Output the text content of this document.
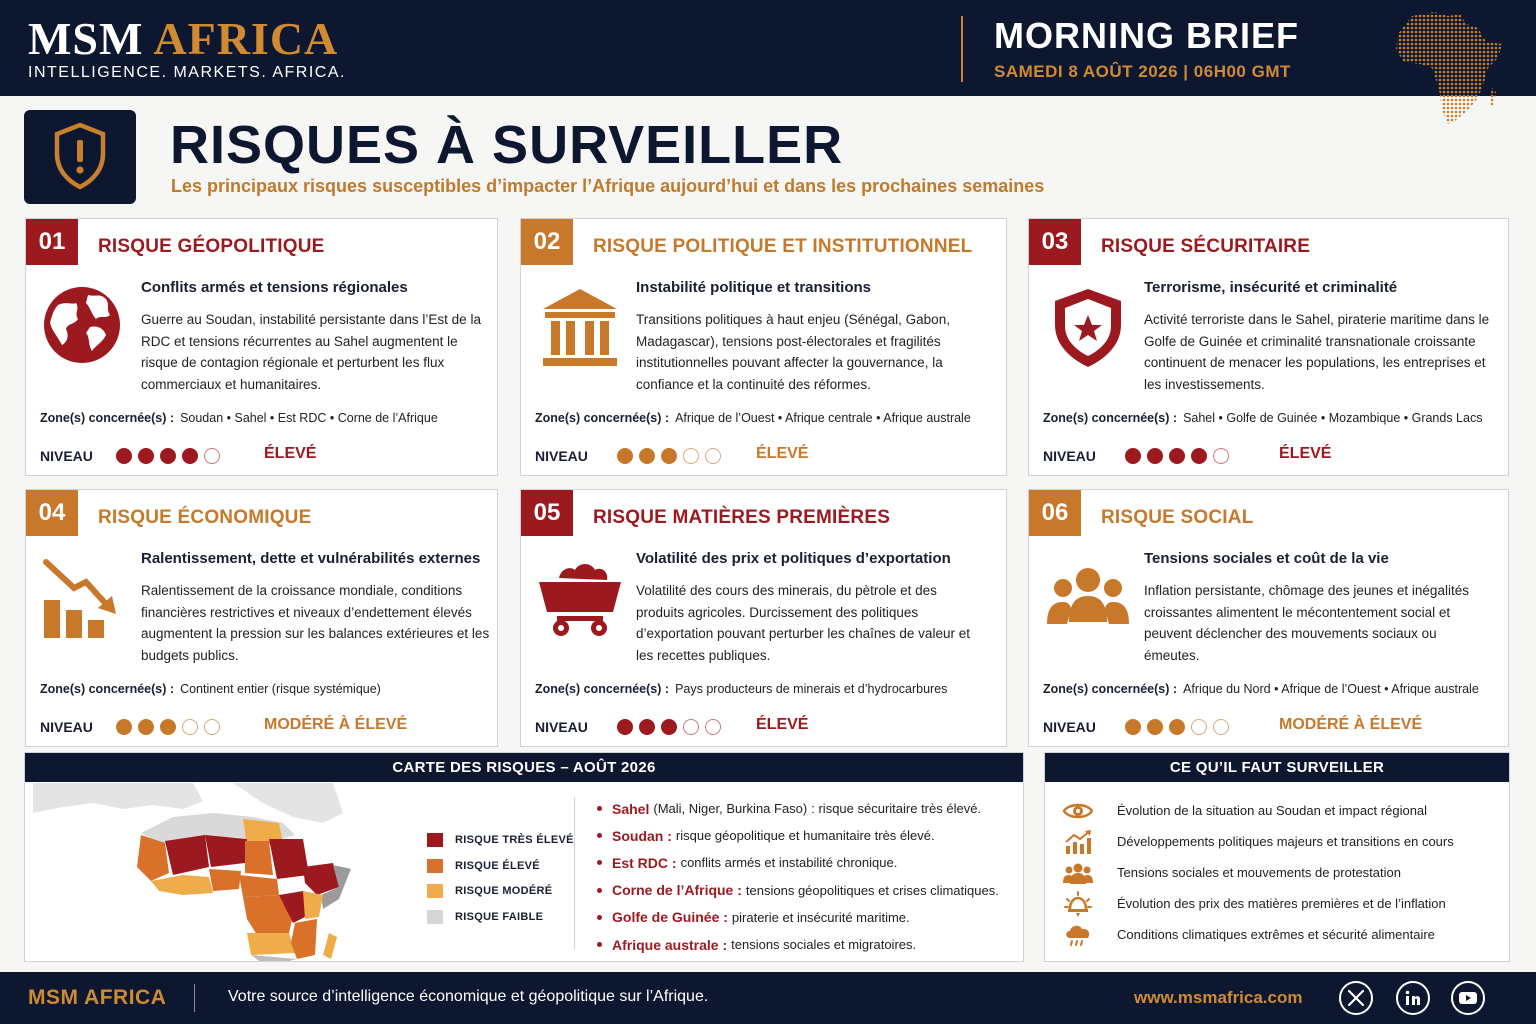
MSM AFRICA
INTELLIGENCE. MARKETS. AFRICA.
MORNING BRIEF
SAMEDI 8 AOÛT 2026 | 06H00 GMT
RISQUES À SURVEILLER
Les principaux risques susceptibles d’impacter l’Afrique aujourd’hui et dans les prochaines semaines
01	RISQUE GÉOPOLITIQUE
Conflits armés et tensions régionales
Guerre au Soudan, instabilité persistante dans l’Est de la RDC et tensions récurrentes au Sahel augmentent le risque de contagion régionale et perturbent les flux commerciaux et humanitaires.
Zone(s) concernée(s) : Soudan • Sahel • Est RDC • Corne de l’Afrique
NIVEAU	ÉLEVÉ
02	RISQUE POLITIQUE ET INSTITUTIONNEL
Instabilité politique et transitions
Transitions politiques à haut enjeu (Sénégal, Gabon, Madagascar), tensions post-électorales et fragilités institutionnelles pouvant affecter la gouvernance, la confiance et la continuité des réformes.
Zone(s) concernée(s) : Afrique de l’Ouest • Afrique centrale • Afrique australe
NIVEAU	ÉLEVÉ
03	RISQUE SÉCURITAIRE
Terrorisme, insécurité et criminalité
Activité terroriste dans le Sahel, piraterie maritime dans le Golfe de Guinée et criminalité transnationale croissante continuent de menacer les populations, les entreprises et les investissements.
Zone(s) concernée(s) : Sahel • Golfe de Guinée • Mozambique • Grands Lacs
NIVEAU	ÉLEVÉ
04	RISQUE ÉCONOMIQUE
Ralentissement, dette et vulnérabilités externes
Ralentissement de la croissance mondiale, conditions financières restrictives et niveaux d’endettement élevés augmentent la pression sur les balances extérieures et les budgets publics.
Zone(s) concernée(s) : Continent entier (risque systémique)
NIVEAU	MODÉRÉ À ÉLEVÉ
05	RISQUE MATIÈRES PREMIÈRES
Volatilité des prix et politiques d’exportation
Volatilité des cours des minerais, du pètrole et des produits agricoles. Durcissement des politiques d’exportation pouvant perturber les chaînes de valeur et les recettes publiques.
Zone(s) concernée(s) : Pays producteurs de minerais et d’hydrocarbures
NIVEAU	ÉLEVÉ
06	RISQUE SOCIAL
Tensions sociales et coût de la vie
Inflation persistante, chômage des jeunes et inégalités croissantes alimentent le mécontentement social et peuvent déclencher des mouvements sociaux ou émeutes.
Zone(s) concernée(s) : Afrique du Nord • Afrique de l’Ouest • Afrique australe
NIVEAU	MODÉRÉ À ÉLEVÉ
CARTE DES RISQUES – AOÛT 2026
RISQUE TRÈS ÉLEVÉ
RISQUE ÉLEVÉ
RISQUE MODÉRÉ
RISQUE FAIBLE
Sahel (Mali, Niger, Burkina Faso) : risque sécuritaire très élevé.
Soudan : risque géopolitique et humanitaire très élevé.
Est RDC : conflits armés et instabilité chronique.
Corne de l’Afrique : tensions géopolitiques et crises climatiques.
Golfe de Guinée : piraterie et insécurité maritime.
Afrique australe : tensions sociales et migratoires.
CE QU’IL FAUT SURVEILLER
Évolution de la situation au Soudan et impact régional
Développements politiques majeurs et transitions en cours
Tensions sociales et mouvements de protestation
Évolution des prix des matières premières et de l’inflation
Conditions climatiques extrêmes et sécurité alimentaire
MSM AFRICA	Votre source d’intelligence économique et géopolitique sur l’Afrique.	www.msmafrica.com
